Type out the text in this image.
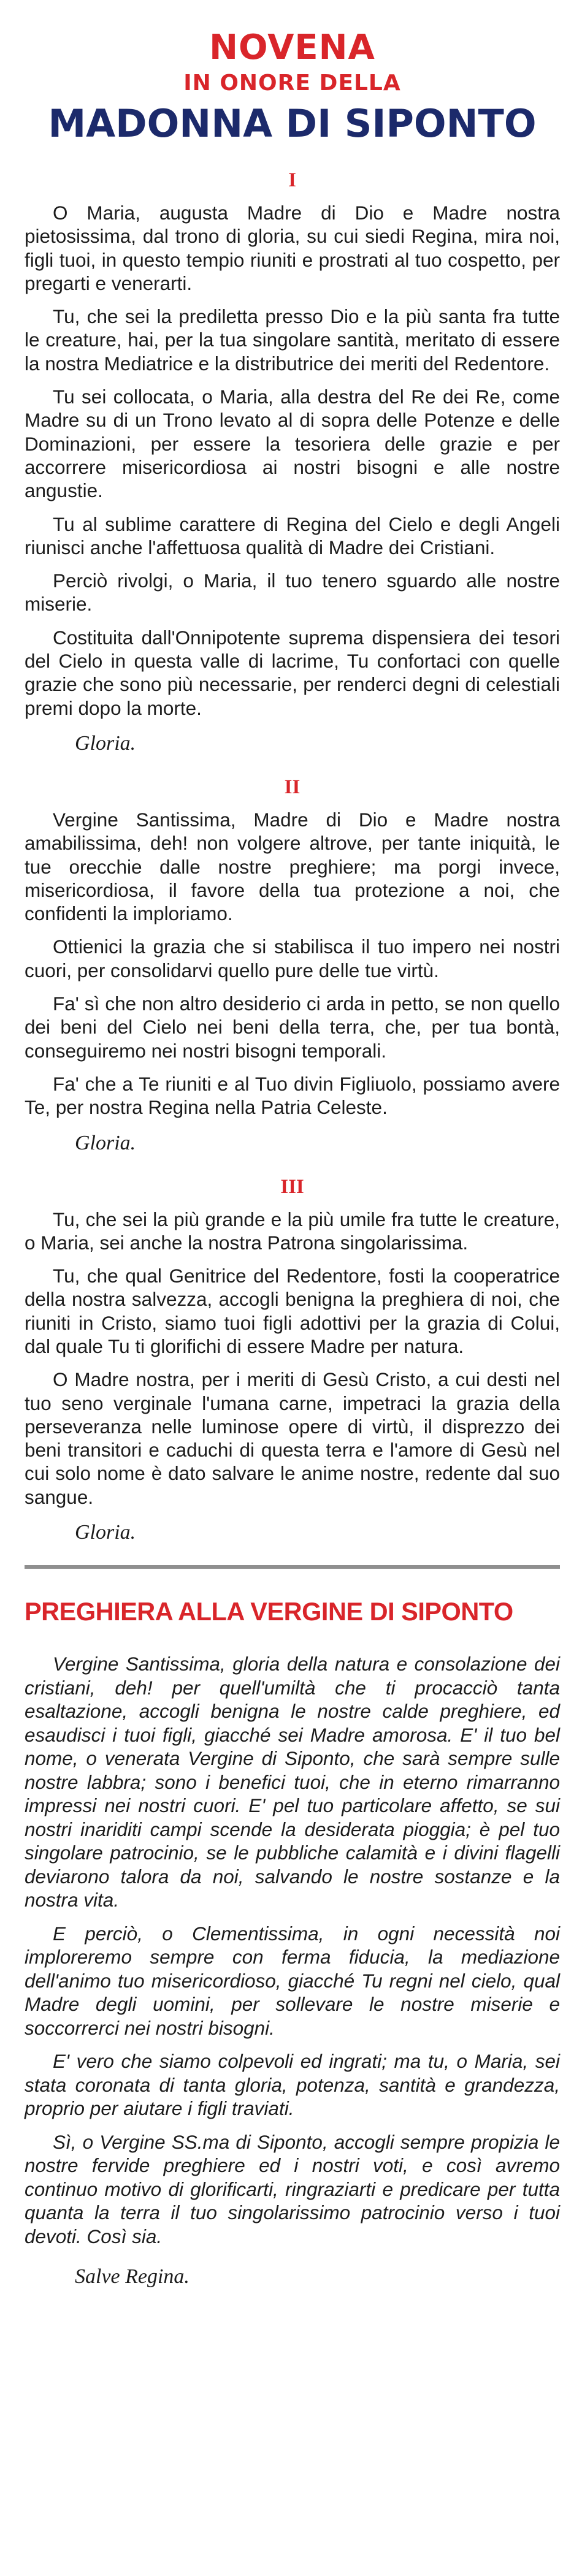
NOVENA
IN ONORE DELLA
MADONNA DI SIPONTO
I

O Maria, augusta Madre di Dio e Madre nostra pietosissima, dal trono di gloria, su cui siedi Regina, mira noi, figli tuoi, in questo tempio riuniti e prostrati al tuo cospetto, per pregarti e venerarti.

Tu, che sei la prediletta presso Dio e la più santa fra tutte le creature, hai, per la tua singolare santità, meritato di essere la nostra Mediatrice e la distributrice dei meriti del Redentore.

Tu sei collocata, o Maria, alla destra del Re dei Re, come Madre su di un Trono levato al di sopra delle Potenze e delle Dominazioni, per essere la tesoriera delle grazie e per accorrere misericordiosa ai nostri bisogni e alle nostre angustie.

Tu al sublime carattere di Regina del Cielo e degli Angeli riunisci anche l'affettuosa qualità di Madre dei Cristiani.

Perciò rivolgi, o Maria, il tuo tenero sguardo alle nostre miserie.

Costituita dall'Onnipotente suprema dispensiera dei tesori del Cielo in questa valle di lacrime, Tu confortaci con quelle grazie che sono più necessarie, per renderci degni di celestiali premi dopo la morte.

Gloria.
II

Vergine Santissima, Madre di Dio e Madre nostra amabilissima, deh! non volgere altrove, per tante iniquità, le tue orecchie dalle nostre preghiere; ma porgi invece, misericordiosa, il favore della tua protezione a noi, che confidenti la imploriamo.

Ottienici la grazia che si stabilisca il tuo impero nei nostri cuori, per consolidarvi quello pure delle tue virtù.

Fa' sì che non altro desiderio ci arda in petto, se non quello dei beni del Cielo nei beni della terra, che, per tua bontà, conseguiremo nei nostri bisogni temporali.

Fa' che a Te riuniti e al Tuo divin Figliuolo, possiamo avere Te, per nostra Regina nella Patria Celeste.

Gloria.
III

Tu, che sei la più grande e la più umile fra tutte le creature, o Maria, sei anche la nostra Patrona singolarissima.

Tu, che qual Genitrice del Redentore, fosti la cooperatrice della nostra salvezza, accogli benigna la preghiera di noi, che riuniti in Cristo, siamo tuoi figli adottivi per la grazia di Colui, dal quale Tu ti glorifichi di essere Madre per natura.

O Madre nostra, per i meriti di Gesù Cristo, a cui desti nel tuo seno verginale l'umana carne, impetraci la grazia della perseveranza nelle luminose opere di virtù, il disprezzo dei beni transitori e caduchi di questa terra e l'amore di Gesù nel cui solo nome è dato salvare le anime nostre, redente dal suo sangue.

Gloria.
PREGHIERA ALLA VERGINE DI SIPONTO

Vergine Santissima, gloria della natura e consolazione dei cristiani, deh! per quell'umiltà che ti procacciò tanta esaltazione, accogli benigna le nostre calde preghiere, ed esaudisci i tuoi figli, giacché sei Madre amorosa. E' il tuo bel nome, o venerata Vergine di Siponto, che sarà sempre sulle nostre labbra; sono i benefici tuoi, che in eterno rimarranno impressi nei nostri cuori. E' pel tuo particolare affetto, se sui nostri inariditi campi scende la desiderata pioggia; è pel tuo singolare patrocinio, se le pubbliche calamità e i divini flagelli deviarono talora da noi, salvando le nostre sostanze e la nostra vita.

E perciò, o Clementissima, in ogni necessità noi imploreremo sempre con ferma fiducia, la mediazione dell'animo tuo misericordioso, giacché Tu regni nel cielo, qual Madre degli uomini, per sollevare le nostre miserie e soccorrerci nei nostri bisogni.

E' vero che siamo colpevoli ed ingrati; ma tu, o Maria, sei stata coronata di tanta gloria, potenza, santità e grandezza, proprio per aiutare i figli traviati.

Sì, o Vergine SS.ma di Siponto, accogli sempre propizia le nostre fervide preghiere ed i nostri voti, e così avremo continuo motivo di glorificarti, ringraziarti e predicare per tutta quanta la terra il tuo singolarissimo patrocinio verso i tuoi devoti. Così sia.

Salve Regina.
